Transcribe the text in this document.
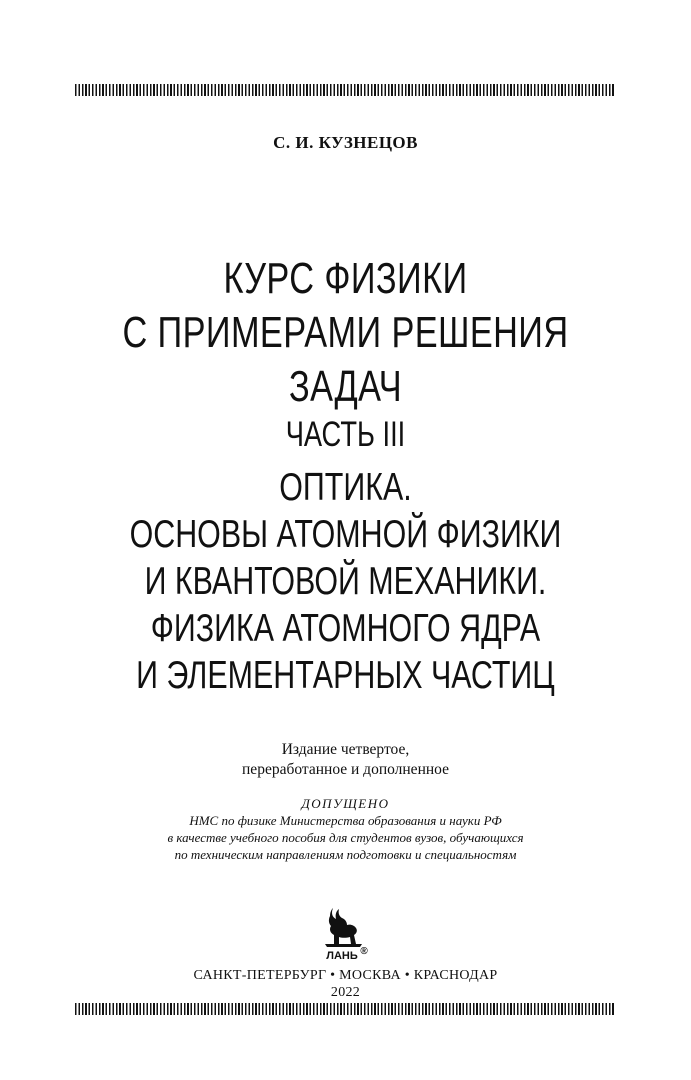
С. И. КУЗНЕЦОВ
КУРС ФИЗИКИ
С ПРИМЕРАМИ РЕШЕНИЯ
ЗАДАЧ
ЧАСТЬ III
ОПТИКА.
ОСНОВЫ АТОМНОЙ ФИЗИКИ
И КВАНТОВОЙ МЕХАНИКИ.
ФИЗИКА АТОМНОГО ЯДРА
И ЭЛЕМЕНТАРНЫХ ЧАСТИЦ
Издание четвертое,
переработанное и дополненное
ДОПУЩЕНО
НМС по физике Министерства образования и науки РФ
в качестве учебного пособия для студентов вузов, обучающихся
по техническим направлениям подготовки и специальностям
ЛАНЬ ®
САНКТ-ПЕТЕРБУРГ • МОСКВА • КРАСНОДАР
2022
